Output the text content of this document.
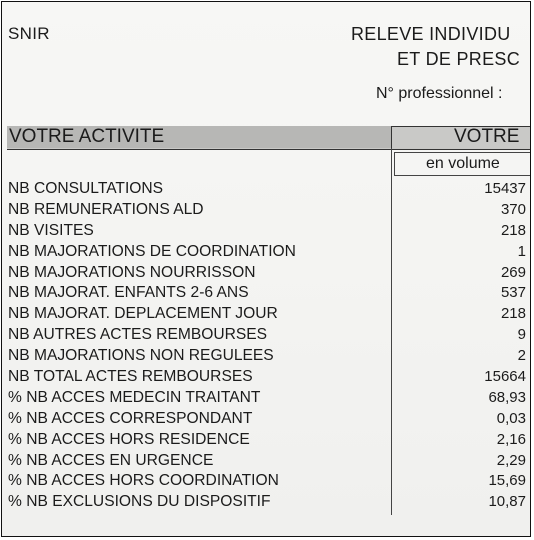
SNIR	RELEVE INDIVIDU
ET DE PRESC
N° professionnel :
VOTRE ACTIVITE	VOTRE
en volume
NB CONSULTATIONS	15437
NB REMUNERATIONS ALD	370
NB VISITES	218
NB MAJORATIONS DE COORDINATION	1
NB MAJORATIONS NOURRISSON	269
NB MAJORAT. ENFANTS 2-6 ANS	537
NB MAJORAT. DEPLACEMENT JOUR	218
NB AUTRES ACTES REMBOURSES	9
NB MAJORATIONS NON REGULEES	2
NB TOTAL ACTES REMBOURSES	15664
% NB ACCES MEDECIN TRAITANT	68,93
% NB ACCES CORRESPONDANT	0,03
% NB ACCES HORS RESIDENCE	2,16
% NB ACCES EN URGENCE	2,29
% NB ACCES HORS COORDINATION	15,69
% NB EXCLUSIONS DU DISPOSITIF	10,87
